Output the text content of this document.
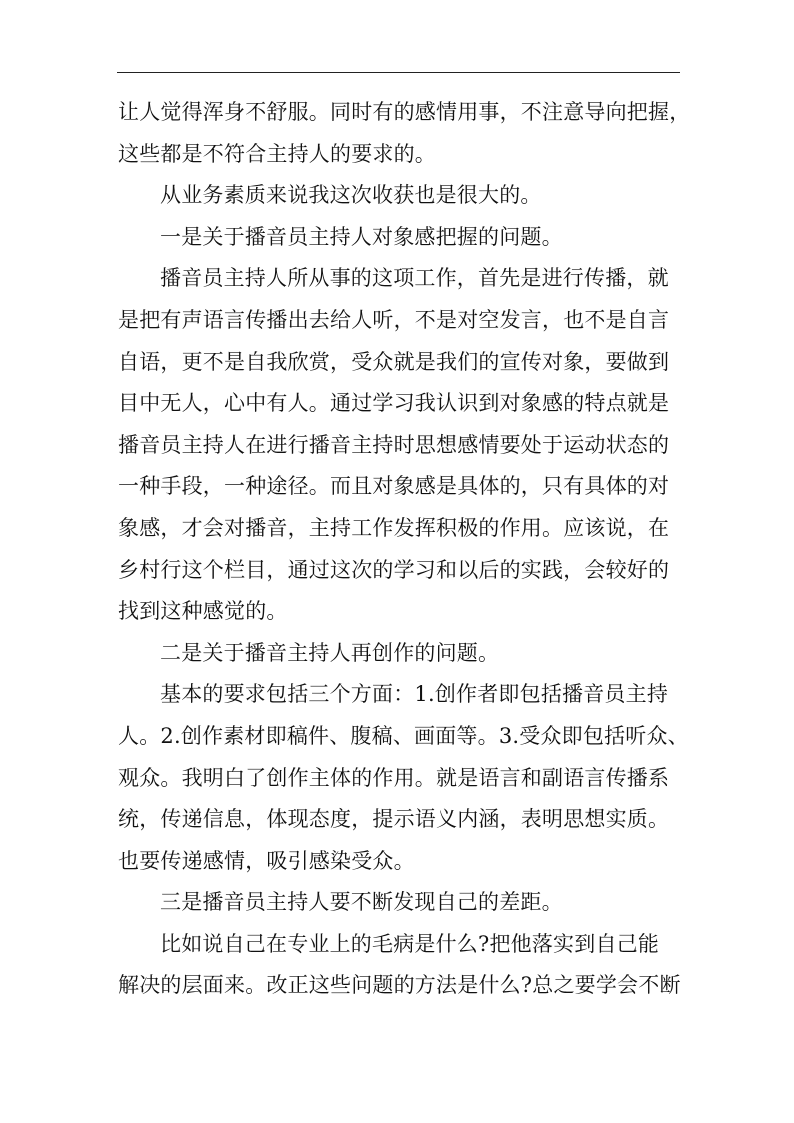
让人觉得浑身不舒服。同时有的感情用事，不注意导向把握，
这些都是不符合主持人的要求的。
从业务素质来说我这次收获也是很大的。
一是关于播音员主持人对象感把握的问题。
播音员主持人所从事的这项工作，首先是进行传播，就
是把有声语言传播出去给人听，不是对空发言，也不是自言
自语，更不是自我欣赏，受众就是我们的宣传对象，要做到
目中无人，心中有人。通过学习我认识到对象感的特点就是
播音员主持人在进行播音主持时思想感情要处于运动状态的
一种手段，一种途径。而且对象感是具体的，只有具体的对
象感，才会对播音，主持工作发挥积极的作用。应该说，在
乡村行这个栏目，通过这次的学习和以后的实践，会较好的
找到这种感觉的。
二是关于播音主持人再创作的问题。
基本的要求包括三个方面：1.创作者即包括播音员主持
人。2.创作素材即稿件、腹稿、画面等。3.受众即包括听众、
观众。我明白了创作主体的作用。就是语言和副语言传播系
统，传递信息，体现态度，提示语义内涵，表明思想实质。
也要传递感情，吸引感染受众。
三是播音员主持人要不断发现自己的差距。
比如说自己在专业上的毛病是什么?把他落实到自己能
解决的层面来。改正这些问题的方法是什么?总之要学会不断
